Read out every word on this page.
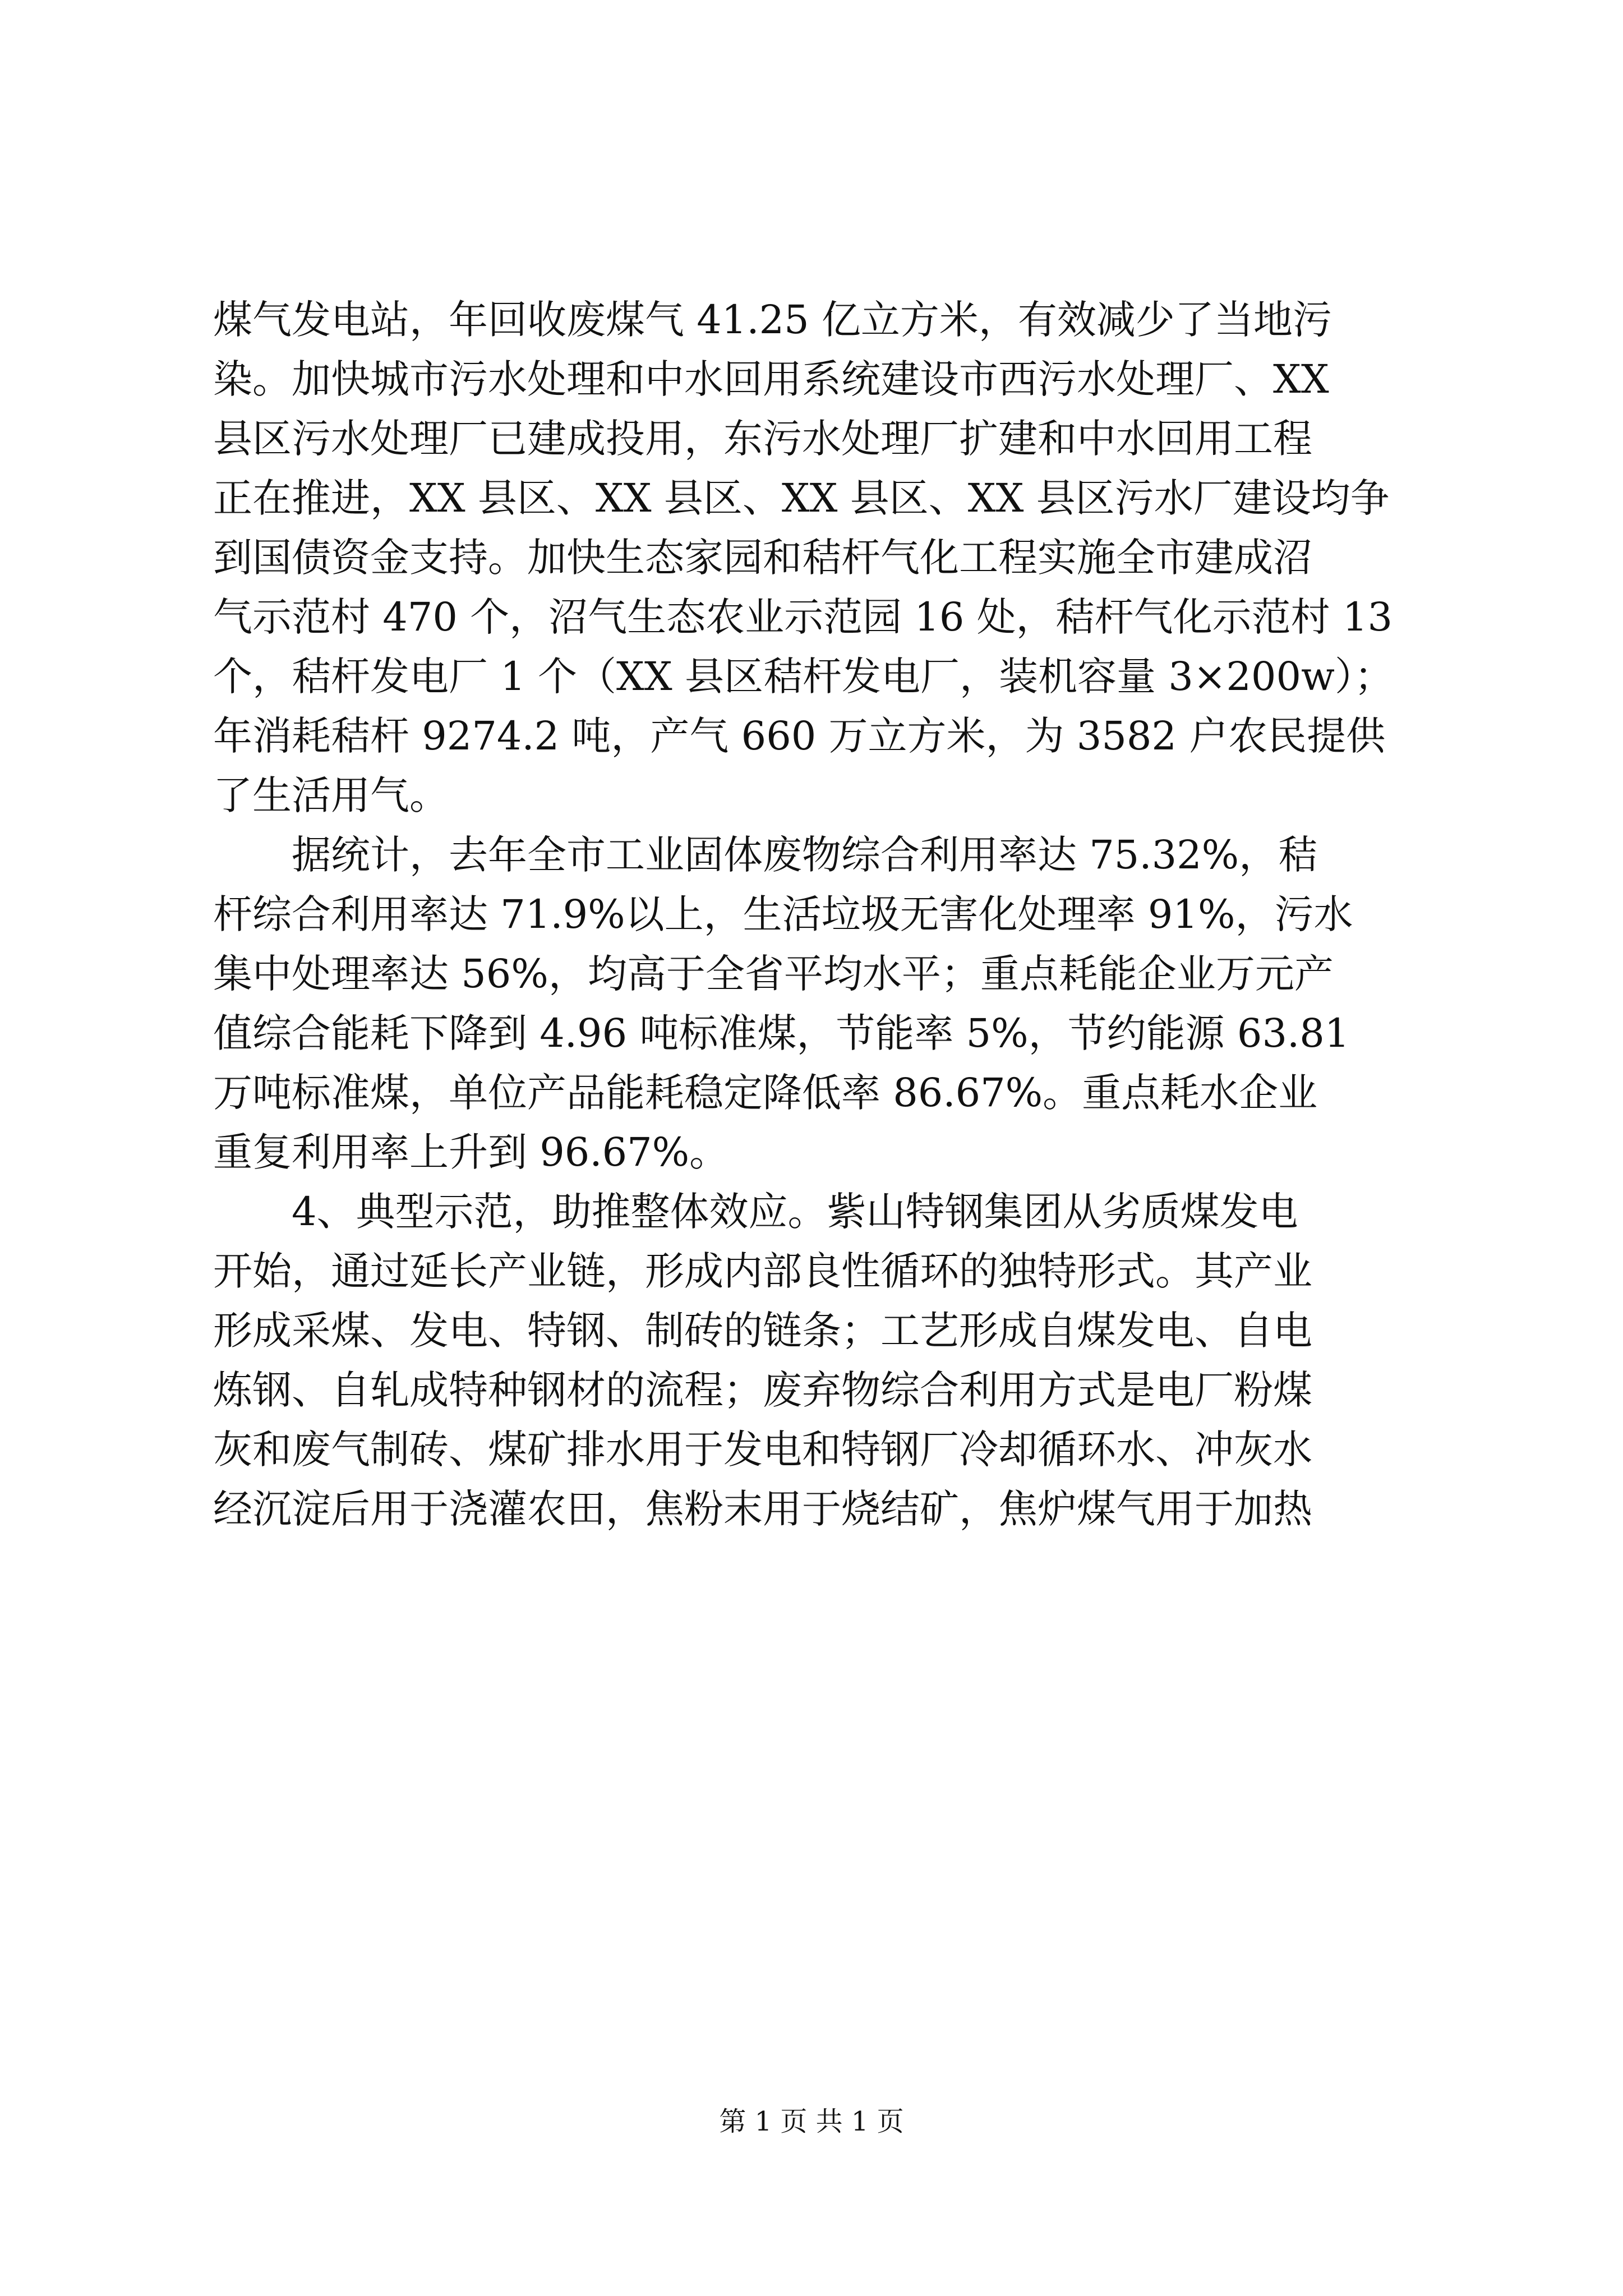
煤气发电站，年回收废煤气 41.25 亿立方米，有效减少了当地污
染。加快城市污水处理和中水回用系统建设市西污水处理厂、XX
县区污水处理厂已建成投用，东污水处理厂扩建和中水回用工程
正在推进，XX 县区、XX 县区、XX 县区、XX 县区污水厂建设均争
到国债资金支持。加快生态家园和秸杆气化工程实施全市建成沼
气示范村 470 个，沼气生态农业示范园 16 处，秸杆气化示范村 13
个，秸杆发电厂 1 个（XX 县区秸杆发电厂，装机容量 3×200w）；
年消耗秸杆 9274.2 吨，产气 660 万立方米，为 3582 户农民提供
了生活用气。
据统计，去年全市工业固体废物综合利用率达 75.32%，秸
杆综合利用率达 71.9%以上，生活垃圾无害化处理率 91%，污水
集中处理率达 56%，均高于全省平均水平；重点耗能企业万元产
值综合能耗下降到 4.96 吨标准煤，节能率 5%，节约能源 63.81
万吨标准煤，单位产品能耗稳定降低率 86.67%。重点耗水企业
重复利用率上升到 96.67%。
4、典型示范，助推整体效应。紫山特钢集团从劣质煤发电
开始，通过延长产业链，形成内部良性循环的独特形式。其产业
形成采煤、发电、特钢、制砖的链条；工艺形成自煤发电、自电
炼钢、自轧成特种钢材的流程；废弃物综合利用方式是电厂粉煤
灰和废气制砖、煤矿排水用于发电和特钢厂冷却循环水、冲灰水
经沉淀后用于浇灌农田，焦粉末用于烧结矿，焦炉煤气用于加热
第 1 页 共 1 页
